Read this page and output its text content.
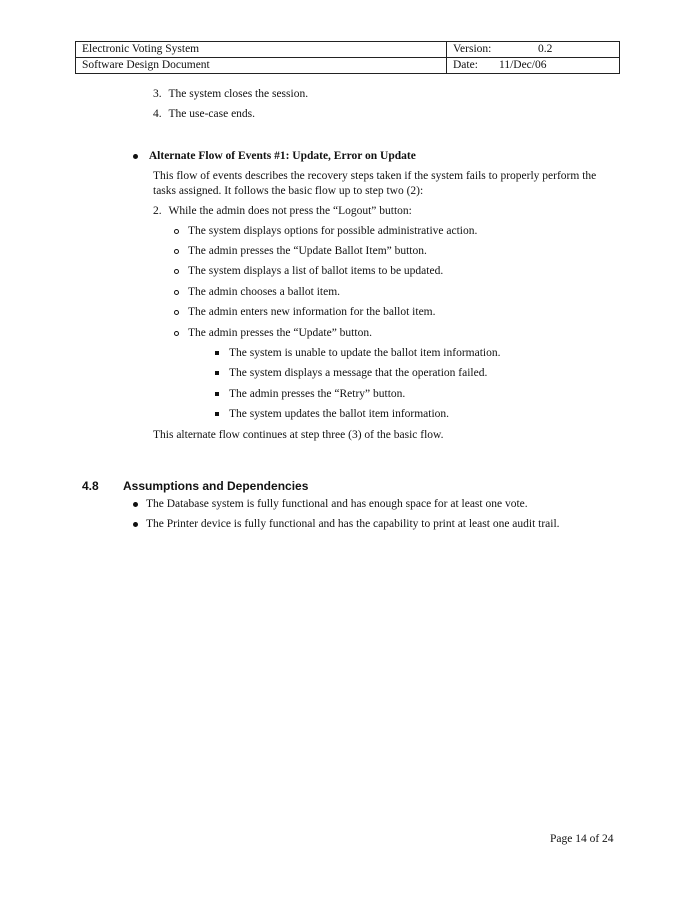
Electronic Voting System	Version: 0.2
Software Design Document	Date: 11/Dec/06
3. The system closes the session.
4. The use-case ends.
Alternate Flow of Events #1: Update, Error on Update
This flow of events describes the recovery steps taken if the system fails to properly perform the
tasks assigned. It follows the basic flow up to step two (2):
2. While the admin does not press the “Logout” button:
The system displays options for possible administrative action.
The admin presses the “Update Ballot Item” button.
The system displays a list of ballot items to be updated.
The admin chooses a ballot item.
The admin enters new information for the ballot item.
The admin presses the “Update” button.
The system is unable to update the ballot item information.
The system displays a message that the operation failed.
The admin presses the “Retry” button.
The system updates the ballot item information.
This alternate flow continues at step three (3) of the basic flow.
4.8 Assumptions and Dependencies
The Database system is fully functional and has enough space for at least one vote.
The Printer device is fully functional and has the capability to print at least one audit trail.
Page 14 of 24
